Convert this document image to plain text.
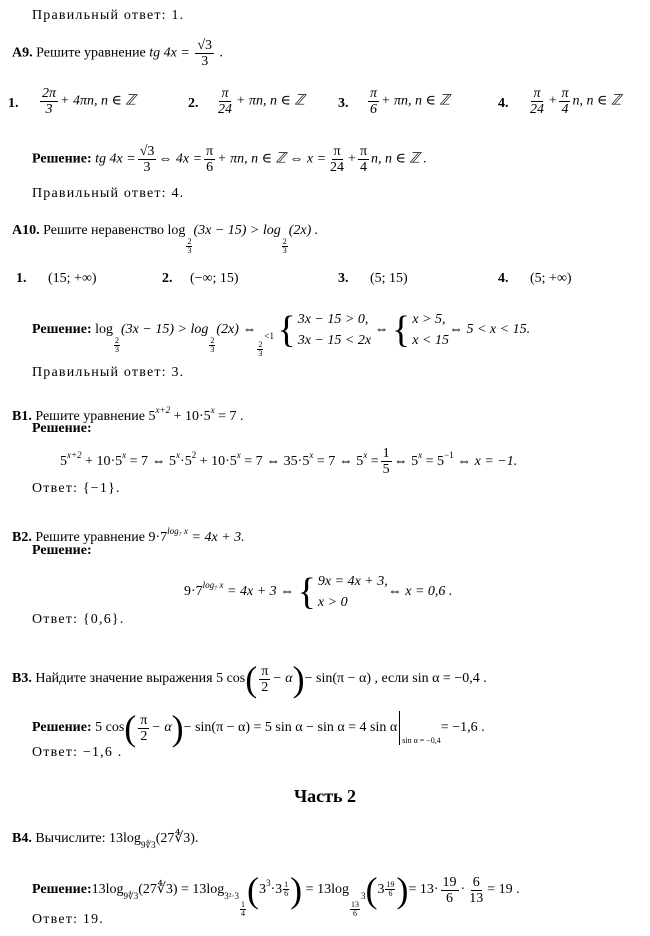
Правильный ответ: 1.
А9. Решите уравнение tg $4x = \frac{√3}{3}$ .
1. $\frac{2\pi}{3} + 4\pi n$, n ∈ ℤ	2. $\frac{\pi}{24} + \pi n$, n ∈ ℤ 3. $\frac{\pi}{6} + \pi n$, n ∈ ℤ	4. $\frac{\pi}{24} + \frac{\pi}{4} n$, n ∈ ℤ
Решение: tg $4x = \frac{√3}{3}$ ⇔ $4x = \frac{\pi}{6} + \pi n$, n ∈ ℤ ⇔ $x = \frac{\pi}{24} + \frac{\pi}{4} n$, n ∈ ℤ .
Правильный ответ: 4.
А10. Решите неравенство log
$\frac{2}{3}$
(3x − 15) > log
$\frac{2}{3}$
(2x) .
1. (15; +∞)	2. (−∞; 15)	3. (5; 15)	4. (5; +∞)
Решение: log
$\frac{2}{3}$
(3x − 15) > log
$\frac{2}{3}$
(2x) ⇔
$\frac{2}{3}$
$_{<1}$ { 3x − 15 > 0,
3x − 15 < 2x
⇔ { x > 5,
x < 15
⇔ 5 < x < 15.
Правильный ответ: 3.
В1. Решите уравнение $5^{x+2} + 10\cdot 5^x = 7$ .
Решение:
$5^{x+2} + 10\cdot 5^x = 7$ ⇔ $5^x\cdot 5^2 + 10\cdot 5^x = 7$ ⇔ $35\cdot 5^x = 7$ ⇔ $5^x = \frac{1}{5}$ ⇔ $5^x = 5^{-1}$ ⇔ x = −1.
Ответ: {−1}.
В2. Решите уравнение $9\cdot 7^{log_7 x} = 4x + 3$.
Решение:
$9\cdot 7^{log_7 x} = 4x + 3$ ⇔ { 9x = 4x + 3,
x > 0
⇔ x = 0,6 .
Ответ: {0,6}.
В3. Найдите значение выражения 5 $\cos( \frac{\pi}{2} - \alpha)- \sin(\pi - \alpha)$ , если sin α = −0,4 .
Решение: 5 $\cos( \frac{\pi}{2} - \alpha)- \sin(\pi - \alpha) = 5$ sin α − sin α = 4 $\sin \alpha_{sin \alpha = -0,4}= -1,6$ .
Ответ: −1,6 .
Часть 2
В4. Вычислите: $13\log_{9∜3}(27∜3)$.
$Решение:13\log_{9∜3}(27∜3) = 13\log_{3^2\cdot 3}$
$\frac{1}{4} (3^3\cdot 3 \frac{1}{6}$ ) = 13log
$\frac{13}{6}$
$_3(3 \frac{19}{6}$ )= $13\cdot \frac{19}{6} \cdot \frac{6}{13} = 19$ .
Ответ: 19.
